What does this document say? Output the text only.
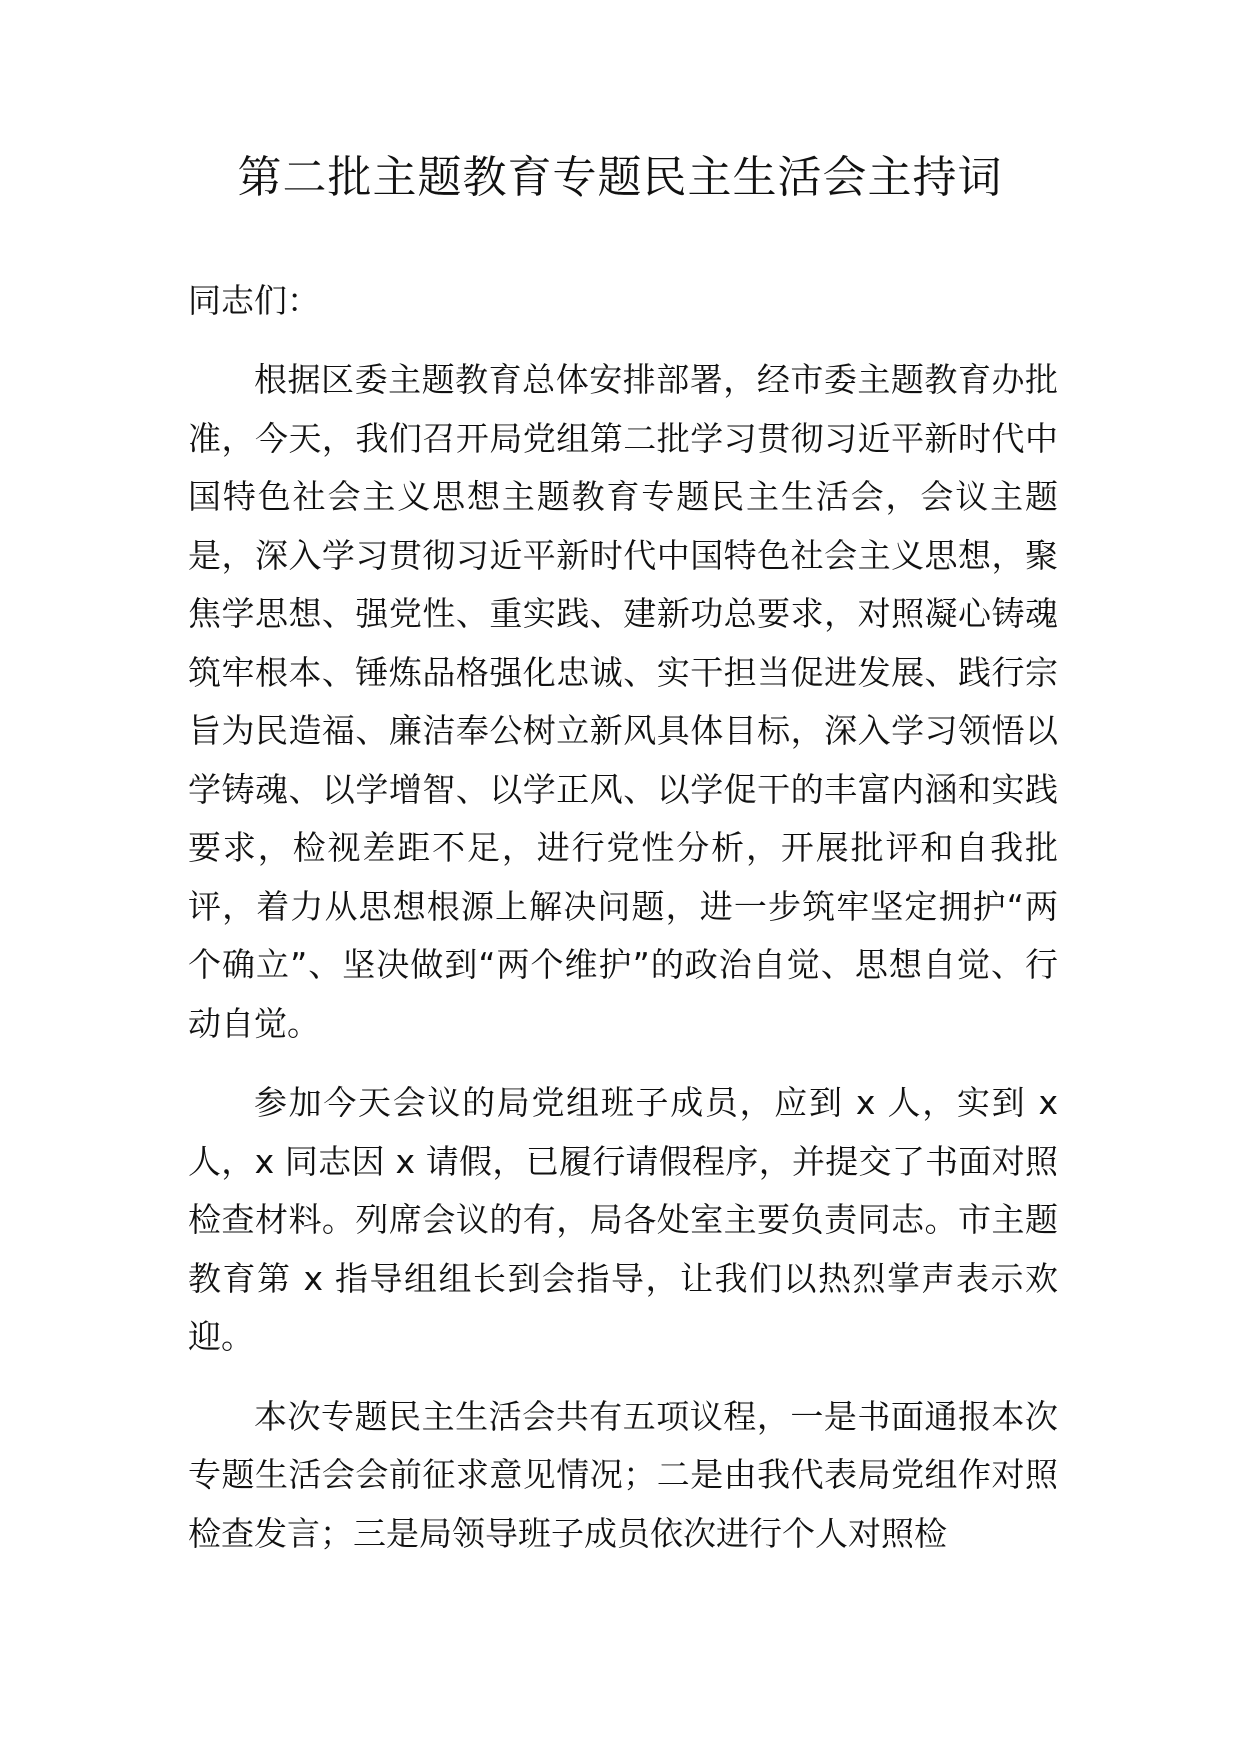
第二批主题教育专题民主生活会主持词

同志们：

根据区委主题教育总体安排部署，经市委主题教育办批准，今天，我们召开局党组第二批学习贯彻习近平新时代中国特色社会主义思想主题教育专题民主生活会，会议主题是，深入学习贯彻习近平新时代中国特色社会主义思想，聚焦学思想、强党性、重实践、建新功总要求，对照凝心铸魂筑牢根本、锤炼品格强化忠诚、实干担当促进发展、践行宗旨为民造福、廉洁奉公树立新风具体目标，深入学习领悟以学铸魂、以学增智、以学正风、以学促干的丰富内涵和实践要求，检视差距不足，进行党性分析，开展批评和自我批评，着力从思想根源上解决问题，进一步筑牢坚定拥护“两个确立”、坚决做到“两个维护”的政治自觉、思想自觉、行动自觉。

参加今天会议的局党组班子成员，应到 x 人，实到 x 人，x 同志因 x 请假，已履行请假程序，并提交了书面对照检查材料。列席会议的有，局各处室主要负责同志。市主题教育第 x 指导组组长到会指导，让我们以热烈掌声表示欢迎。

本次专题民主生活会共有五项议程，一是书面通报本次专题生活会会前征求意见情况；二是由我代表局党组作对照检查发言；三是局领导班子成员依次进行个人对照检
